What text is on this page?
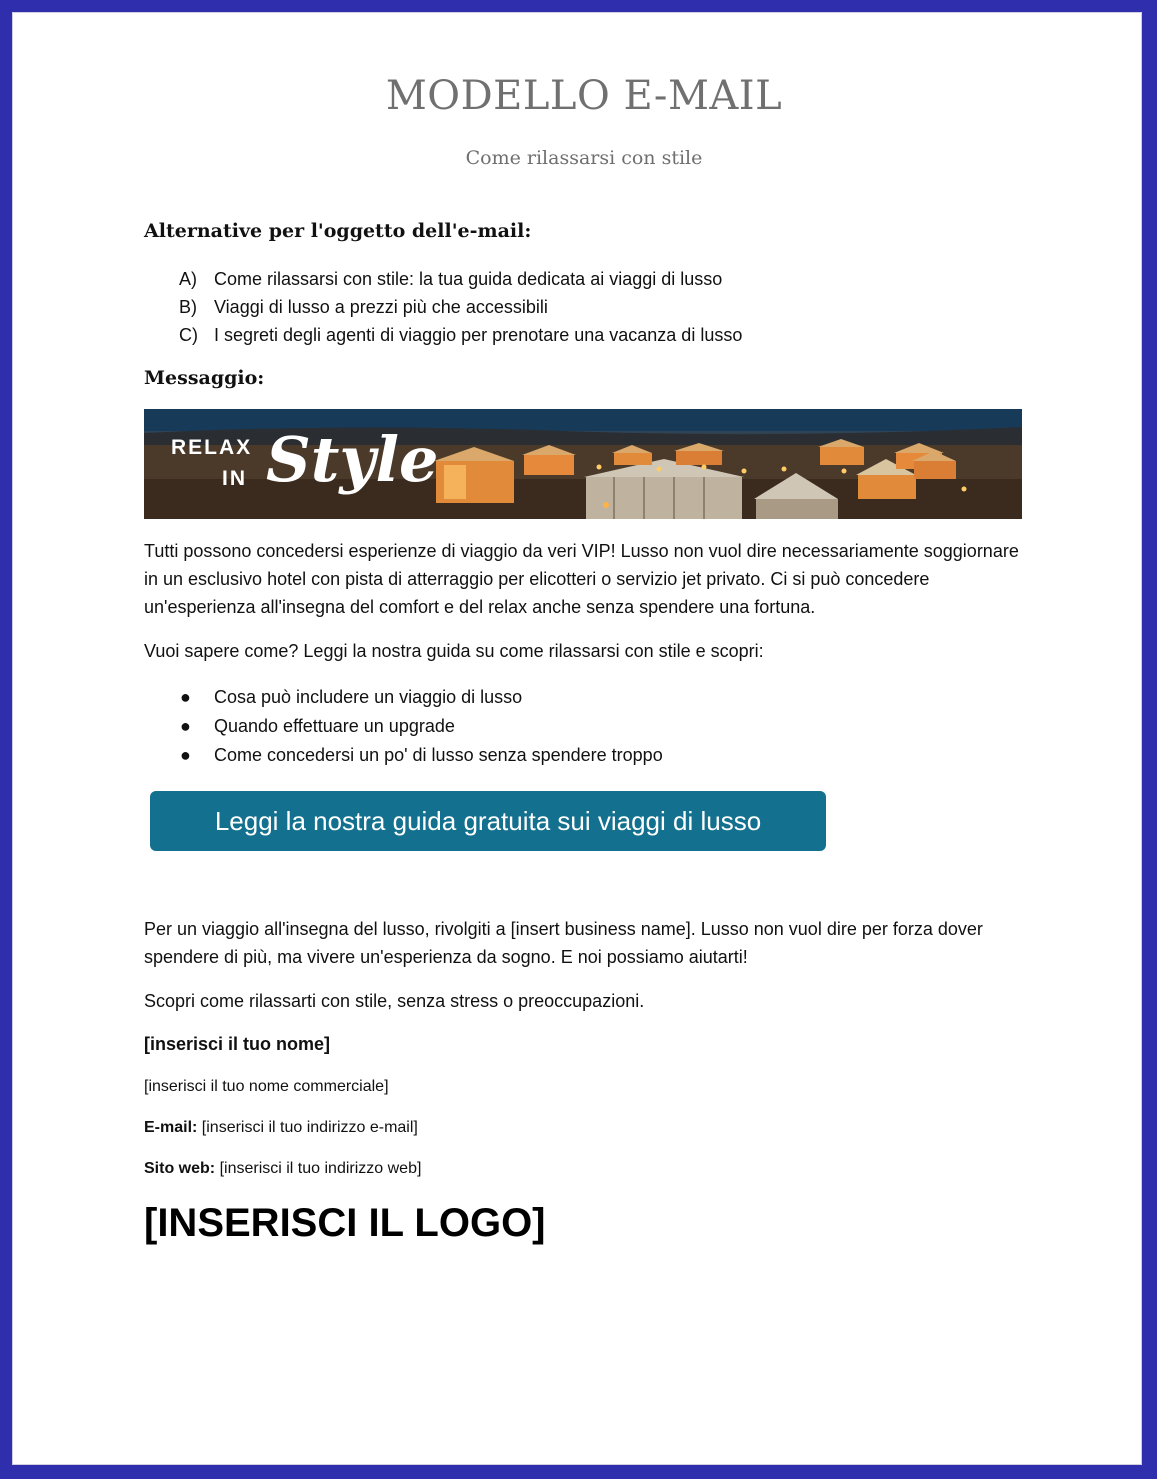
MODELLO E-MAIL
Come rilassarsi con stile
Alternative per l'oggetto dell'e-mail:
A) Come rilassarsi con stile: la tua guida dedicata ai viaggi di lusso
B) Viaggi di lusso a prezzi più che accessibili
C) I segreti degli agenti di viaggio per prenotare una vacanza di lusso
Messaggio:
RELAX
IN Style

Tutti possono concedersi esperienze di viaggio da veri VIP! Lusso non vuol dire necessariamente soggiornare in un esclusivo hotel con pista di atterraggio per elicotteri o servizio jet privato. Ci si può concedere un'esperienza all'insegna del comfort e del relax anche senza spendere una fortuna.

Vuoi sapere come? Leggi la nostra guida su come rilassarsi con stile e scopri:

● Cosa può includere un viaggio di lusso
● Quando effettuare un upgrade
● Come concedersi un po' di lusso senza spendere troppo
Leggi la nostra guida gratuita sui viaggi di lusso

Per un viaggio all'insegna del lusso, rivolgiti a [insert business name]. Lusso non vuol dire per forza dover spendere di più, ma vivere un'esperienza da sogno. E noi possiamo aiutarti!

Scopri come rilassarti con stile, senza stress o preoccupazioni.

[inserisci il tuo nome]
[inserisci il tuo nome commerciale]
E-mail: [inserisci il tuo indirizzo e-mail]
Sito web: [inserisci il tuo indirizzo web]
[INSERISCI IL LOGO]
